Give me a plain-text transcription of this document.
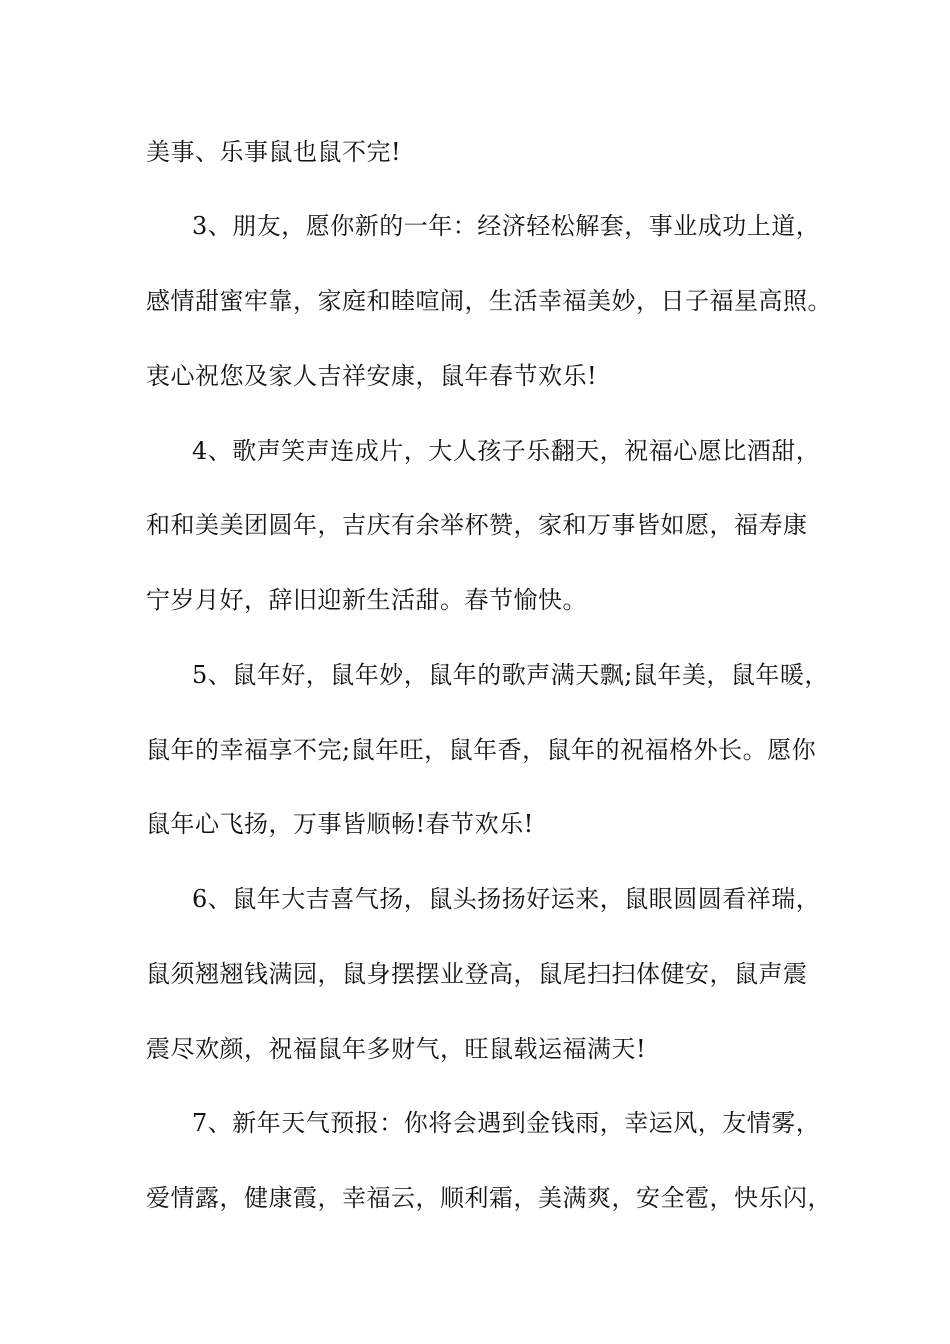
美事、乐事鼠也鼠不完!
3、朋友，愿你新的一年：经济轻松解套，事业成功上道，
感情甜蜜牢靠，家庭和睦喧闹，生活幸福美妙，日子福星高照。
衷心祝您及家人吉祥安康，鼠年春节欢乐!
4、歌声笑声连成片，大人孩子乐翻天，祝福心愿比酒甜，
和和美美团圆年，吉庆有余举杯赞，家和万事皆如愿，福寿康
宁岁月好，辞旧迎新生活甜。春节愉快。
5、鼠年好，鼠年妙，鼠年的歌声满天飘;鼠年美，鼠年暖，
鼠年的幸福享不完;鼠年旺，鼠年香，鼠年的祝福格外长。愿你
鼠年心飞扬，万事皆顺畅!春节欢乐!
6、鼠年大吉喜气扬，鼠头扬扬好运来，鼠眼圆圆看祥瑞，
鼠须翘翘钱满园，鼠身摆摆业登高，鼠尾扫扫体健安，鼠声震
震尽欢颜，祝福鼠年多财气，旺鼠载运福满天!
7、新年天气预报：你将会遇到金钱雨，幸运风，友情雾，
爱情露，健康霞，幸福云，顺利霜，美满爽，安全雹，快乐闪，
